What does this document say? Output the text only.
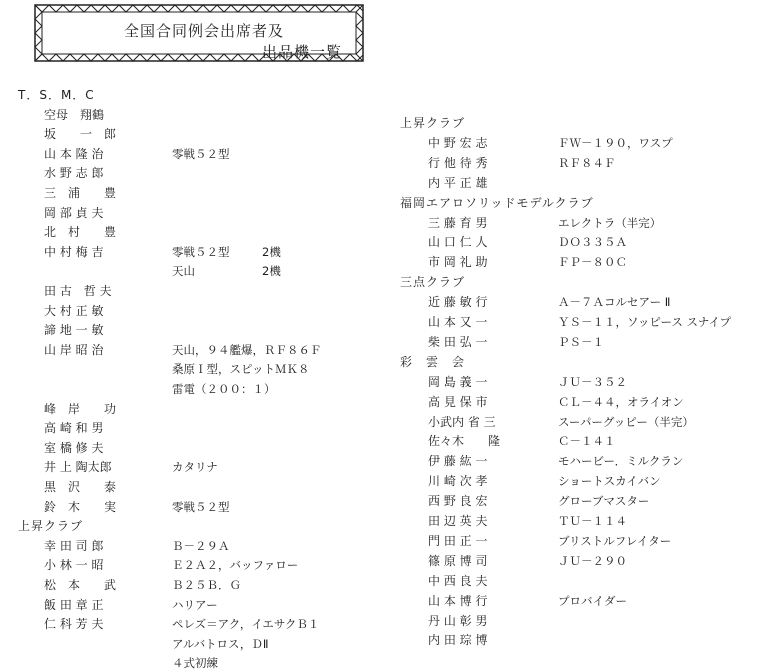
全国合同例会出席者及
出品機一覧
T．S．M．C
空母　翔鶴
坂　　一　郎
山 本 隆 治	零戦５２型
水 野 志 郎
三　浦　　豊
岡 部 貞 夫
北　村　　豊
中 村 梅 吉	零戦５２型	2機
天山	2機
田 古　哲 夫
大 村 正 敏
諦 地 一 敏
山 岸 昭 治	天山，９４艦爆，ＲＦ８６Ｆ
桑原Ｉ型，スピットＭＫ８
雷電（２００：１）
峰　岸　　功
高 崎 和 男
室 橋 修 夫
井 上 陶太郎	カタリナ
黒　沢　　泰
鈴　木　　実	零戦５２型
上昇クラブ
幸 田 司 郎	Ｂ－２９Ａ
小 林 一 昭	Ｅ２Ａ２，バッファロー
松　本　　武	Ｂ２５Ｂ．Ｇ
飯 田 章 正	ハリアー
仁 科 芳 夫	ペレズ＝アク，イエサクＢ１
アルバトロス，ＤⅡ
４式初練
上昇クラブ
中 野 宏 志	ＦＷ－１９０，ワスプ
行 他 待 秀	ＲＦ８４Ｆ
内 平 正 雄
福岡エアロソリッドモデルクラブ
三 藤 育 男	エレクトラ（半完）
山 口 仁 人	ＤＯ３３５Ａ
市 岡 礼 助	ＦＰ－８０Ｃ
三点クラブ
近 藤 敏 行	Ａ－７Ａコルセアー Ⅱ
山 本 又 一	ＹＳ－１１，ソッピース スナイプ
柴 田 弘 一	ＰＳ－１
彩　雲　会
岡 島 義 一	ＪＵ－３５２
高 見 保 市	ＣＬ－４４，オライオン
小武内 省 三	スーパーグッピー（半完）
佐々木　　隆	Ｃ－１４１
伊 藤 紘 一	モハービー．ミルクラン
川 崎 次 孝	ショートスカイバン
西 野 良 宏	グローブマスター
田 辺 英 夫	ＴＵ－１１４
門 田 正 一	ブリストルフレイター
篠 原 博 司	ＪＵ－２９０
中 西 良 夫
山 本 博 行	プロバイダー
丹 山 彰 男
内 田 琮 博
